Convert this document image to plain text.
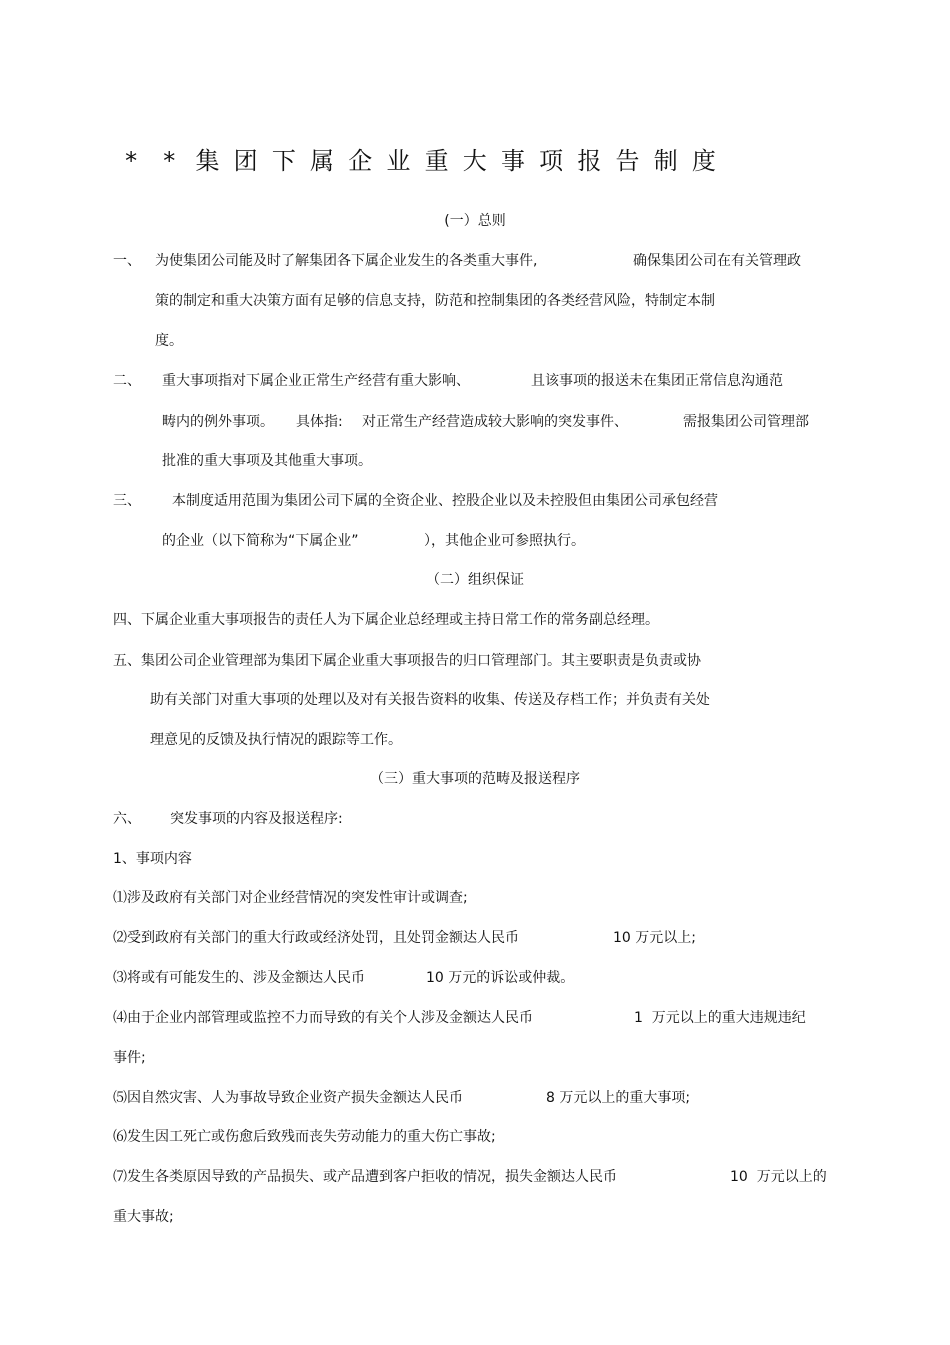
* * 集 团 下 属 企 业 重 大 事 项 报 告 制 度
(一）总则
一、 为使集团公司能及时了解集团各下属企业发生的各类重大事件,	确保集团公司在有关管理政
策的制定和重大决策方面有足够的信息支持，防范和控制集团的各类经营风险，特制定本制
度。
二、 重大事项指对下属企业正常生产经营有重大影响、	且该事项的报送未在集团正常信息沟通范
畴内的例外事项。 具体指: 对正常生产经营造成较大影响的突发事件、	需报集团公司管理部
批准的重大事项及其他重大事项。
三、 本制度适用范围为集团公司下属的全资企业、控股企业以及未控股但由集团公司承包经营
的企业（以下简称为“下属企业”	），其他企业可参照执行。
（二）组织保证
四、下属企业重大事项报告的责任人为下属企业总经理或主持日常工作的常务副总经理。
五、集团公司企业管理部为集团下属企业重大事项报告的归口管理部门。其主要职责是负责或协
助有关部门对重大事项的处理以及对有关报告资料的收集、传送及存档工作；并负责有关处
理意见的反馈及执行情况的跟踪等工作。
（三）重大事项的范畴及报送程序
六、 突发事项的内容及报送程序:
1、事项内容
⑴涉及政府有关部门对企业经营情况的突发性审计或调查;
⑵受到政府有关部门的重大行政或经济处罚，且处罚金额达人民币	10 万元以上;
⑶将或有可能发生的、涉及金额达人民币	10 万元的诉讼或仲裁。
⑷由于企业内部管理或监控不力而导致的有关个人涉及金额达人民币	1  万元以上的重大违规违纪
事件;
⑸因自然灾害、人为事故导致企业资产损失金额达人民币	8 万元以上的重大事项;
⑹发生因工死亡或伤愈后致残而丧失劳动能力的重大伤亡事故;
⑺发生各类原因导致的产品损失、或产品遭到客户拒收的情况，损失金额达人民币	10  万元以上的
重大事故;
